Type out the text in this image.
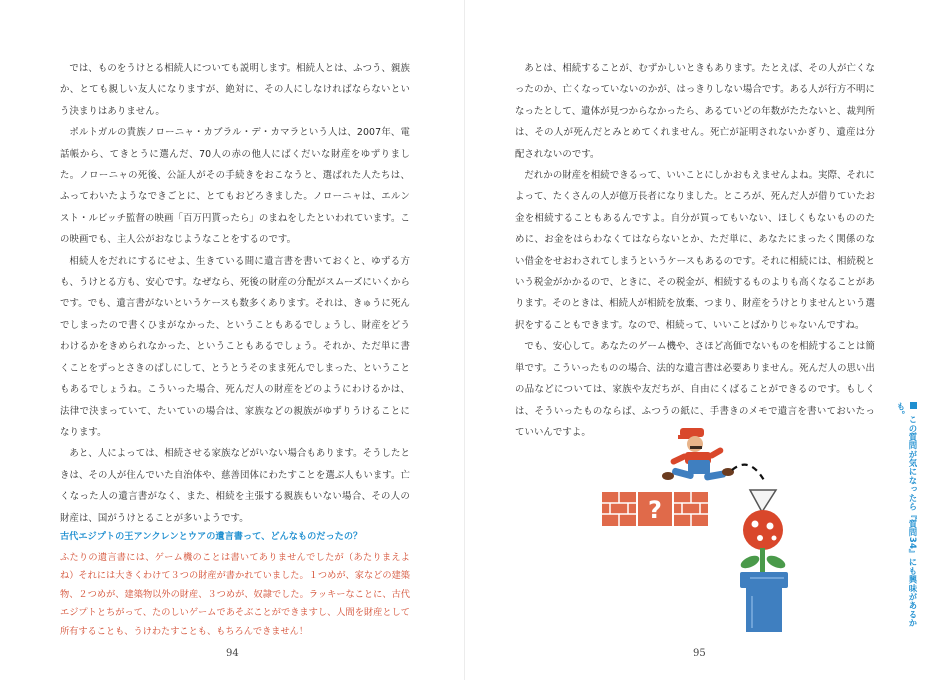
では、ものをうけとる相続人についても説明します。相続人とは、ふつう、親族か、とても親しい友人になりますが、絶対に、その人にしなければならないという決まりはありません。

ポルトガルの貴族ノローニャ・カブラル・デ・カマラという人は、2007年、電話帳から、てきとうに選んだ、70人の赤の他人にばくだいな財産をゆずりました。ノローニャの死後、公証人がその手続きをおこなうと、選ばれた人たちは、ふってわいたようなできごとに、とてもおどろきました。ノローニャは、エルンスト・ルビッチ監督の映画「百万円貰ったら」のまねをしたといわれています。この映画でも、主人公がおなじようなことをするのです。

相続人をだれにするにせよ、生きている間に遺言書を書いておくと、ゆずる方も、うけとる方も、安心です。なぜなら、死後の財産の分配がスムーズにいくからです。でも、遺言書がないというケースも数多くあります。それは、きゅうに死んでしまったので書くひまがなかった、ということもあるでしょうし、財産をどうわけるかをきめられなかった、ということもあるでしょう。それか、ただ単に書くことをずっとさきのばしにして、とうとうそのまま死んでしまった、ということもあるでしょうね。こういった場合、死んだ人の財産をどのようにわけるかは、法律で決まっていて、たいていの場合は、家族などの親族がゆずりうけることになります。

あと、人によっては、相続させる家族などがいない場合もあります。そうしたときは、その人が住んでいた自治体や、慈善団体にわたすことを選ぶ人もいます。亡くなった人の遺言書がなく、また、相続を主張する親族もいない場合、その人の財産は、国がうけとることが多いようです。

古代エジプトの王アンクレンとウアの遺言書って、どんなものだったの？

ふたりの遺言書には、ゲーム機のことは書いてありませんでしたが（あたりまえよね）それには大きくわけて３つの財産が書かれていました。１つめが、家などの建築物、２つめが、建築物以外の財産、３つめが、奴隷でした。ラッキーなことに、古代エジプトとちがって、たのしいゲームであそぶことができますし、人間を財産として所有することも、うけわたすことも、もちろんできません！

94

あとは、相続することが、むずかしいときもあります。たとえば、その人が亡くなったのか、亡くなっていないのかが、はっきりしない場合です。ある人が行方不明になったとして、遺体が見つからなかったら、あるていどの年数がたたないと、裁判所は、その人が死んだとみとめてくれません。死亡が証明されないかぎり、遺産は分配されないのです。

だれかの財産を相続できるって、いいことにしかおもえませんよね。実際、それによって、たくさんの人が億万長者になりました。ところが、死んだ人が借りていたお金を相続することもあるんですよ。自分が買ってもいない、ほしくもないもののために、お金をはらわなくてはならないとか、ただ単に、あなたにまったく関係のない借金をせおわされてしまうというケースもあるのです。それに相続には、相続税という税金がかかるので、ときに、その税金が、相続するものよりも高くなることがあります。そのときは、相続人が相続を放棄、つまり、財産をうけとりませんという選択をすることもできます。なので、相続って、いいことばかりじゃないんですね。

でも、安心して。あなたのゲーム機や、さほど高価でないものを相続することは簡単です。こういったものの場合、法的な遺言書は必要ありません。死んだ人の思い出の品などについては、家族や友だちが、自由にくばることができるのです。もしくは、そういったものならば、ふつうの紙に、手書きのメモで遺言を書いておいたっていいんですよ。

?	この質問が気になったら『質問34』にも興味があるかも。
95
